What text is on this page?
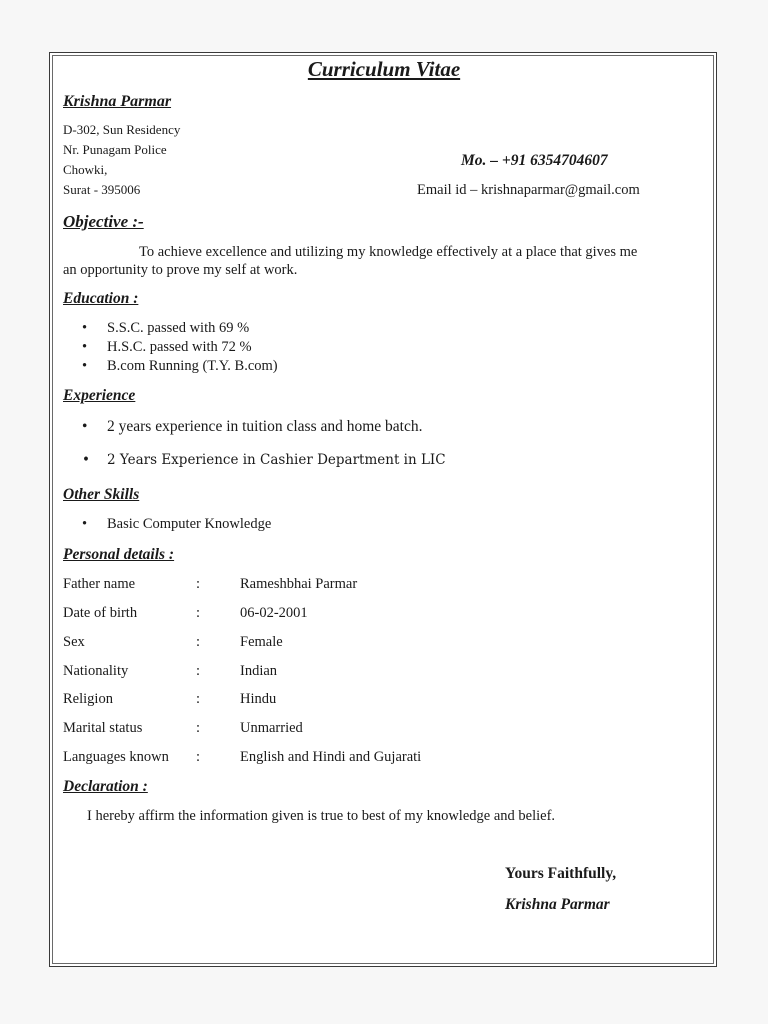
Curriculum Vitae
Krishna Parmar
D-302, Sun Residency
Nr. Punagam Police
Chowki,
Surat - 395006
Mo. – +91 6354704607
Email id – krishnaparmar@gmail.com
Objective :-
To achieve excellence and utilizing my knowledge effectively at a place that gives me
an opportunity to prove my self at work.
Education :
• S.S.C. passed with 69 %
• H.S.C. passed with 72 %
• B.com Running (T.Y. B.com)
Experience
• 2 years experience in tuition class and home batch.
• 2 Years Experience in Cashier Department in LIC
Other Skills
• Basic Computer Knowledge
Personal details :
Father name	:	Rameshbhai Parmar
Date of birth	:	06-02-2001
Sex	:	Female
Nationality	:	Indian
Religion	:	Hindu
Marital status	:	Unmarried
Languages known :	English and Hindi and Gujarati
Declaration :
I hereby affirm the information given is true to best of my knowledge and belief.
Yours Faithfully,
Krishna Parmar
